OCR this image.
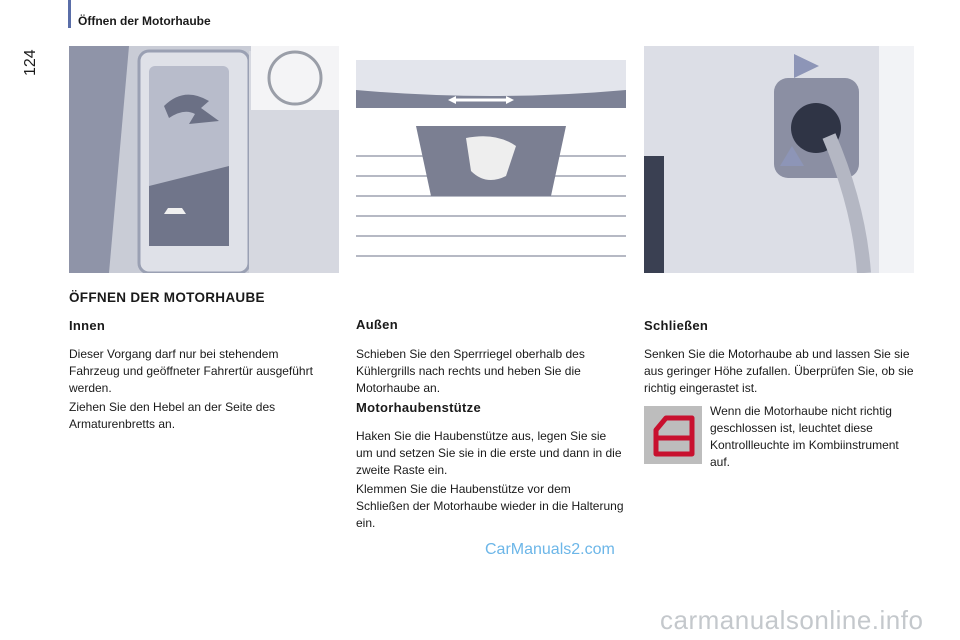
Öffnen der Motorhaube
124
ÖFFNEN DER MOTORHAUBE
Innen
Dieser Vorgang darf nur bei stehendem Fahrzeug und geöffneter Fahrertür ausgeführt werden.
Ziehen Sie den Hebel an der Seite des Armaturenbretts an.
Außen
Schieben Sie den Sperrriegel oberhalb des Kühlergrills nach rechts und heben Sie die Motorhaube an.
Motorhaubenstütze
Haken Sie die Haubenstütze aus, legen Sie sie um und setzen Sie sie in die erste und dann in die zweite Raste ein.
Klemmen Sie die Haubenstütze vor dem Schließen der Motorhaube wieder in die Halterung ein.
Schließen
Senken Sie die Motorhaube ab und lassen Sie sie aus geringer Höhe zufallen. Überprüfen Sie, ob sie richtig eingerastet ist.
Wenn die Motorhaube nicht richtig geschlossen ist, leuchtet diese Kontrollleuchte im Kombiinstrument auf.
CarManuals2.com
carmanualsonline.info
